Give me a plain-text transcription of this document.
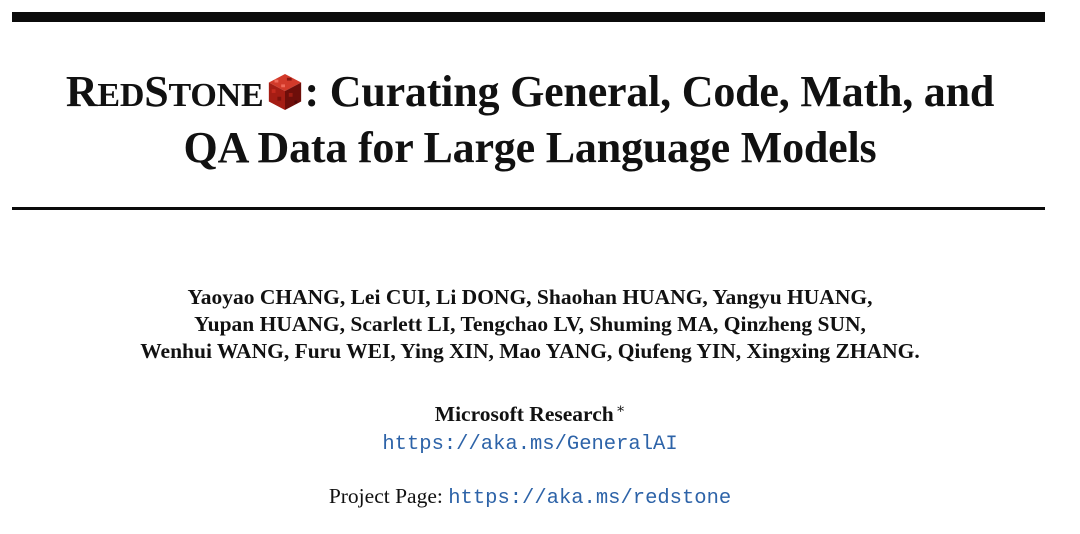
REDSTONE : Curating General, Code, Math, and
QA Data for Large Language Models
Yaoyao CHANG, Lei CUI, Li DONG, Shaohan HUANG, Yangyu HUANG,
Yupan HUANG, Scarlett LI, Tengchao LV, Shuming MA, Qinzheng SUN,
Wenhui WANG, Furu WEI, Ying XIN, Mao YANG, Qiufeng YIN, Xingxing ZHANG.
Microsoft Research ∗
https://aka.ms/GeneralAI
Project Page: https://aka.ms/redstone
